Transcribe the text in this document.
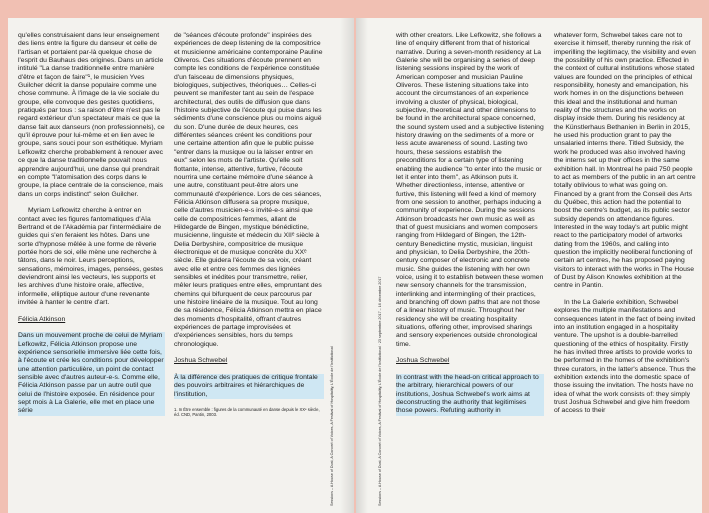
qu'elles construisaient dans leur enseignement des liens entre la figure du danseur et celle de l'artisan et portaient par-là quelque chose de l'esprit du Bauhaus des origines. Dans un article intitulé "La danse traditionnelle entre manière d'être et façon de faire"¹, le musicien Yves Guilcher décrit la danse populaire comme une chose commune. À l'image de la vie sociale du groupe, elle convoque des gestes quotidiens, pratiqués par tous : sa raison d'être n'est pas le regard extérieur d'un spectateur mais ce que la danse fait aux danseurs (non professionnels), ce qu'il éprouve pour lui-même et en lien avec le groupe, sans souci pour son esthétique. Myriam Lefkowitz cherche probablement à renouer avec ce que la danse traditionnelle pouvait nous apprendre aujourd'hui, une danse qui prendrait en compte "l'atomisation des corps dans le groupe, la place centrale de la conscience, mais dans un corps indistinct" selon Guilcher.

Myriam Lefkowitz cherche à entrer en contact avec les figures fantomatiques d'Aïa Bertrand et de l'Akadémia par l'intermédiaire de guides qui s'en feraient les hôtes. Dans une sorte d'hypnose mêlée à une forme de rêverie portée hors de soi, elle mène une recherche à tâtons, dans le noir. Leurs perceptions, sensations, mémoires, images, pensées, gestes deviendront ainsi les vecteurs, les supports et les archives d'une histoire orale, affective, informelle, elliptique autour d'une revenante invitée à hanter le centre d'art.

Félicia Atkinson

Dans un mouvement proche de celui de Myriam Lefkowitz, Félicia Atkinson propose une expérience sensorielle immersive liée cette fois, à l'écoute et crée les conditions pour développer une attention particulière, un point de contact sensible avec d'autres auteur-e-s. Comme elle, Félicia Atkinson passe par un autre outil que celui de l'histoire exposée. En résidence pour sept mois à La Galerie, elle met en place une série

de "séances d'écoute profonde" inspirées des expériences de deep listening de la compositrice et musicienne américaine contemporaine Pauline Oliveros. Ces situations d'écoute prennent en compte les conditions de l'expérience constituée d'un faisceau de dimensions physiques, biologiques, subjectives, théoriques… Celles-ci peuvent se manifester tant au sein de l'espace architectural, des outils de diffusion que dans l'histoire subjective de l'écoute qui puise dans les sédiments d'une conscience plus ou moins aiguë du son. D'une durée de deux heures, ces différentes séances créent les conditions pour une certaine attention afin que le public puisse "entrer dans la musique ou la laisser entrer en eux" selon les mots de l'artiste. Qu'elle soit flottante, intense, attentive, furtive, l'écoute nourrira une certaine mémoire d'une séance à une autre, constituant peut-être alors une communauté d'expérience. Lors de ces séances, Félicia Atkinson diffusera sa propre musique, celle d'autres musicien-e-s invité-e-s ainsi que celle de compositrices femmes, allant de Hildegarde de Bingen, mystique bénédictine, musicienne, linguiste et médecin du XIIᵉ siècle à Delia Derbyshire, compositrice de musique électronique et de musique concrète du XXᵉ siècle. Elle guidera l'écoute de sa voix, créant avec elle et entre ces femmes des lignées sensibles et inédites pour transmettre, relier, mêler leurs pratiques entre elles, empruntant des chemins qui bifurquent de ceux parcourus par une histoire linéaire de la musique. Tout au long de sa résidence, Félicia Atkinson mettra en place des moments d'hospitalité, offrant d'autres expériences de partage improvisées et d'expériences sensibles, hors du temps chronologique.

Joshua Schwebel

À la différence des pratiques de critique frontale des pouvoirs arbitraires et hiérarchiques de l'institution,

1. In Être ensemble : figures de la communauté en danse depuis le XXᵉ siècle, éd. CND, Pantin, 2003.	Sessions – A House of Dust, A Concert of Voices, A Festival of Hospitality, L'École de l'Institutional	Sessions – A House of Dust, A Concert of Voices, A Festival of Hospitality, L'École de l'Institutional · 23 septembre 2017 – 16 décembre 2017

with other creators. Like Lefkowitz, she follows a line of enquiry different from that of historical narrative. During a seven-month residency at La Galerie she will be organising a series of deep listening sessions inspired by the work of American composer and musician Pauline Oliveros. These listening situations take into account the circumstances of an experience involving a cluster of physical, biological, subjective, theoretical and other dimensions to be found in the architectural space concerned, the sound system used and a subjective listening history drawing on the sediments of a more or less acute awareness of sound. Lasting two hours, these sessions establish the preconditions for a certain type of listening enabling the audience "to enter into the music or let it enter into them", as Atkinson puts it. Whether directionless, intense, attentive or furtive, this listening will feed a kind of memory from one session to another, perhaps inducing a community of experience. During the sessions Atkinson broadcasts her own music as well as that of guest musicians and women composers ranging from Hildegard of Bingen, the 12th-century Benedictine mystic, musician, linguist and physician, to Delia Derbyshire, the 20th-century composer of electronic and concrete music. She guides the listening with her own voice, using it to establish between these women new sensory channels for the transmission, interlinking and intermingling of their practices, and branching off down paths that are not those of a linear history of music. Throughout her residency she will be creating hospitality situations, offering other, improvised sharings and sensory experiences outside chronological time.

Joshua Schwebel

In contrast with the head-on critical approach to the arbitrary, hierarchical powers of our institutions, Joshua Schwebel's work aims at deconstructing the authority that legitimises those powers. Refuting authority in

whatever form, Schwebel takes care not to exercise it himself, thereby running the risk of imperilling the legitimacy, the visibility and even the possibility of his own practice. Effected in the context of cultural institutions whose stated values are founded on the principles of ethical responsibility, honesty and emancipation, his work homes in on the disjunctions between this ideal and the institutional and human reality of the structures and the works on display inside them. During his residency at the Künstlerhaus Bethanien in Berlin in 2015, he used his production grant to pay the unsalaried interns there. Titled Subsidy, the work he produced was also involved having the interns set up their offices in the same exhibition hall. In Montreal he paid 750 people to act as members of the public in an art centre totally oblivious to what was going on. Financed by a grant from the Conseil des Arts du Québec, this action had the potential to boost the centre's budget, as its public sector subsidy depends on attendance figures. Interested in the way today's art public might react to the participatory model of artworks dating from the 1960s, and calling into question the implicitly neoliberal functioning of certain art centres, he has proposed paying visitors to interact with the works in The House of Dust by Alison Knowles exhibition at the centre in Pantin.

In the La Galerie exhibition, Schwebel explores the multiple manifestations and consequences latent in the fact of being invited into an institution engaged in a hospitality venture. The upshot is a double-barrelled questioning of the ethics of hospitality. Firstly he has invited three artists to provide works to be performed in the homes of the exhibition's three curators, in the latter's absence. Thus the exhibition extends into the domestic space of those issuing the invitation. The hosts have no idea of what the work consists of: they simply trust Joshua Schwebel and give him freedom of access to their
